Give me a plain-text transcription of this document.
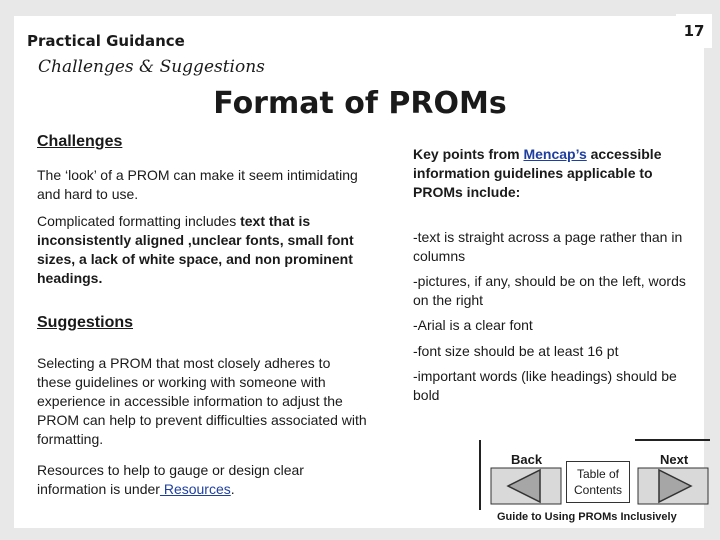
17
Practical Guidance
Challenges & Suggestions
Format of PROMs
Challenges
The ‘look’ of a PROM can make it seem intimidating and hard to use.
Complicated formatting includes text that is inconsistently aligned ,unclear fonts, small font sizes, a lack of white space, and non prominent headings.
Suggestions
Selecting a PROM that most closely adheres to these guidelines or working with someone with experience in accessible information to adjust the PROM can help to prevent difficulties associated with formatting.
Resources to help to gauge or design clear information is under Resources.
Key points from Mencap’s accessible information guidelines applicable to PROMs include:
-text is straight across a page rather than in columns
-pictures, if any, should be on the left, words on the right
-Arial is a clear font
-font size should be at least 16 pt
-important words (like headings) should be bold
Back	Next
Table of Contents
Guide to Using PROMs Inclusively
